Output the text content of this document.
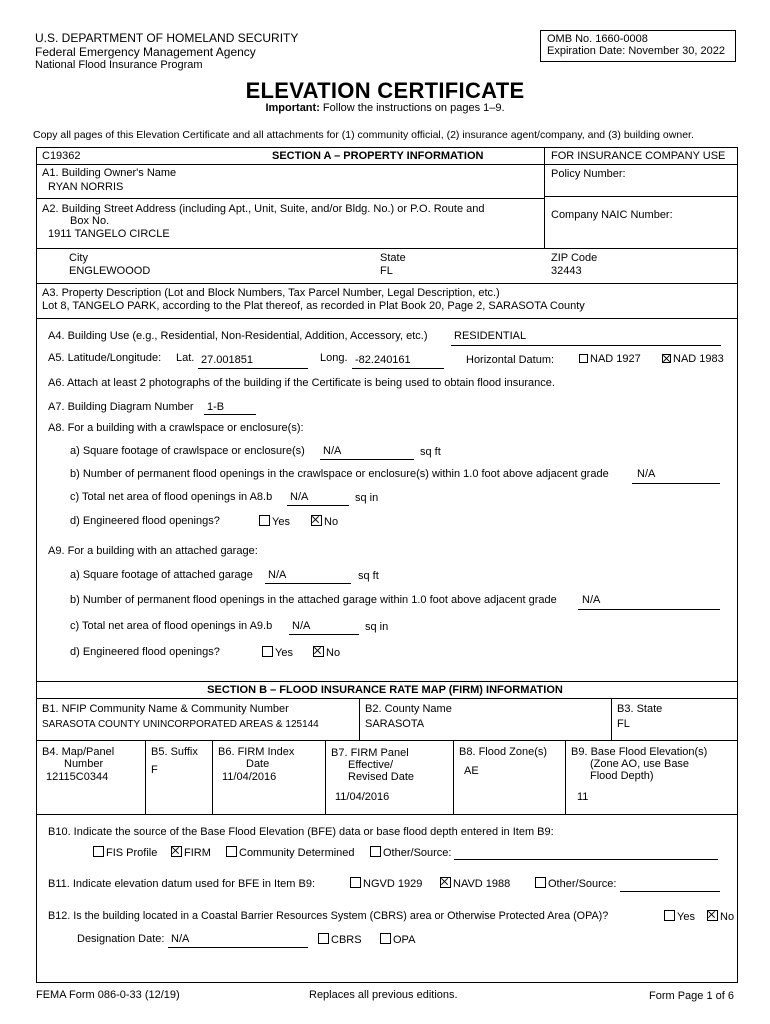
U.S. DEPARTMENT OF HOMELAND SECURITY
Federal Emergency Management Agency
National Flood Insurance Program
OMB No. 1660-0008
Expiration Date: November 30, 2022
ELEVATION CERTIFICATE
Important: Follow the instructions on pages 1–9.
Copy all pages of this Elevation Certificate and all attachments for (1) community official, (2) insurance agent/company, and (3) building owner.
C19362	SECTION A – PROPERTY INFORMATION	FOR INSURANCE COMPANY USE
A1. Building Owner's Name
RYAN NORRIS
Policy Number:
A2. Building Street Address (including Apt., Unit, Suite, and/or Bldg. No.) or P.O. Route and
Box No.
1911 TANGELO CIRCLE
Company NAIC Number:
City
ENGLEWOOOD
State
FL
ZIP Code
32443
A3. Property Description (Lot and Block Numbers, Tax Parcel Number, Legal Description, etc.)
Lot 8, TANGELO PARK, according to the Plat thereof, as recorded in Plat Book 20, Page 2, SARASOTA County
A4. Building Use (e.g., Residential, Non-Residential, Addition, Accessory, etc.) RESIDENTIAL
A5. Latitude/Longitude: Lat. 27.001851	Long. -82.240161	Horizontal Datum:	NAD 1927	NAD 1983
A6. Attach at least 2 photographs of the building if the Certificate is being used to obtain flood insurance.
A7. Building Diagram Number 1-B
A8. For a building with a crawlspace or enclosure(s):
a) Square footage of crawlspace or enclosure(s) N/A	sq ft
b) Number of permanent flood openings in the crawlspace or enclosure(s) within 1.0 foot above adjacent grade	N/A
c) Total net area of flood openings in A8.b N/A	sq in
d) Engineered flood openings?	Yes	No
A9. For a building with an attached garage:
a) Square footage of attached garage N/A	sq ft
b) Number of permanent flood openings in the attached garage within 1.0 foot above adjacent grade N/A
c) Total net area of flood openings in A9.b N/A	sq in
d) Engineered flood openings?	Yes	No
SECTION B – FLOOD INSURANCE RATE MAP (FIRM) INFORMATION
B1. NFIP Community Name & Community Number
SARASOTA COUNTY UNINCORPORATED AREAS & 125144
B2. County Name
SARASOTA
B3. State
FL
B4. Map/Panel
Number
12115C0344
B5. Suffix
F
B6. FIRM Index
Date
11/04/2016
B7. FIRM Panel
Effective/
Revised Date
11/04/2016
B8. Flood Zone(s)
AE
B9. Base Flood Elevation(s)
(Zone AO, use Base
Flood Depth)
11
B10. Indicate the source of the Base Flood Elevation (BFE) data or base flood depth entered in Item B9:
FIS Profile	FIRM	Community Determined	Other/Source:
B11. Indicate elevation datum used for BFE in Item B9:	NGVD 1929	NAVD 1988	Other/Source:
B12. Is the building located in a Coastal Barrier Resources System (CBRS) area or Otherwise Protected Area (OPA)?	Yes	No
Designation Date: N/A	CBRS	OPA
FEMA Form 086-0-33 (12/19)	Replaces all previous editions.	Form Page 1 of 6
